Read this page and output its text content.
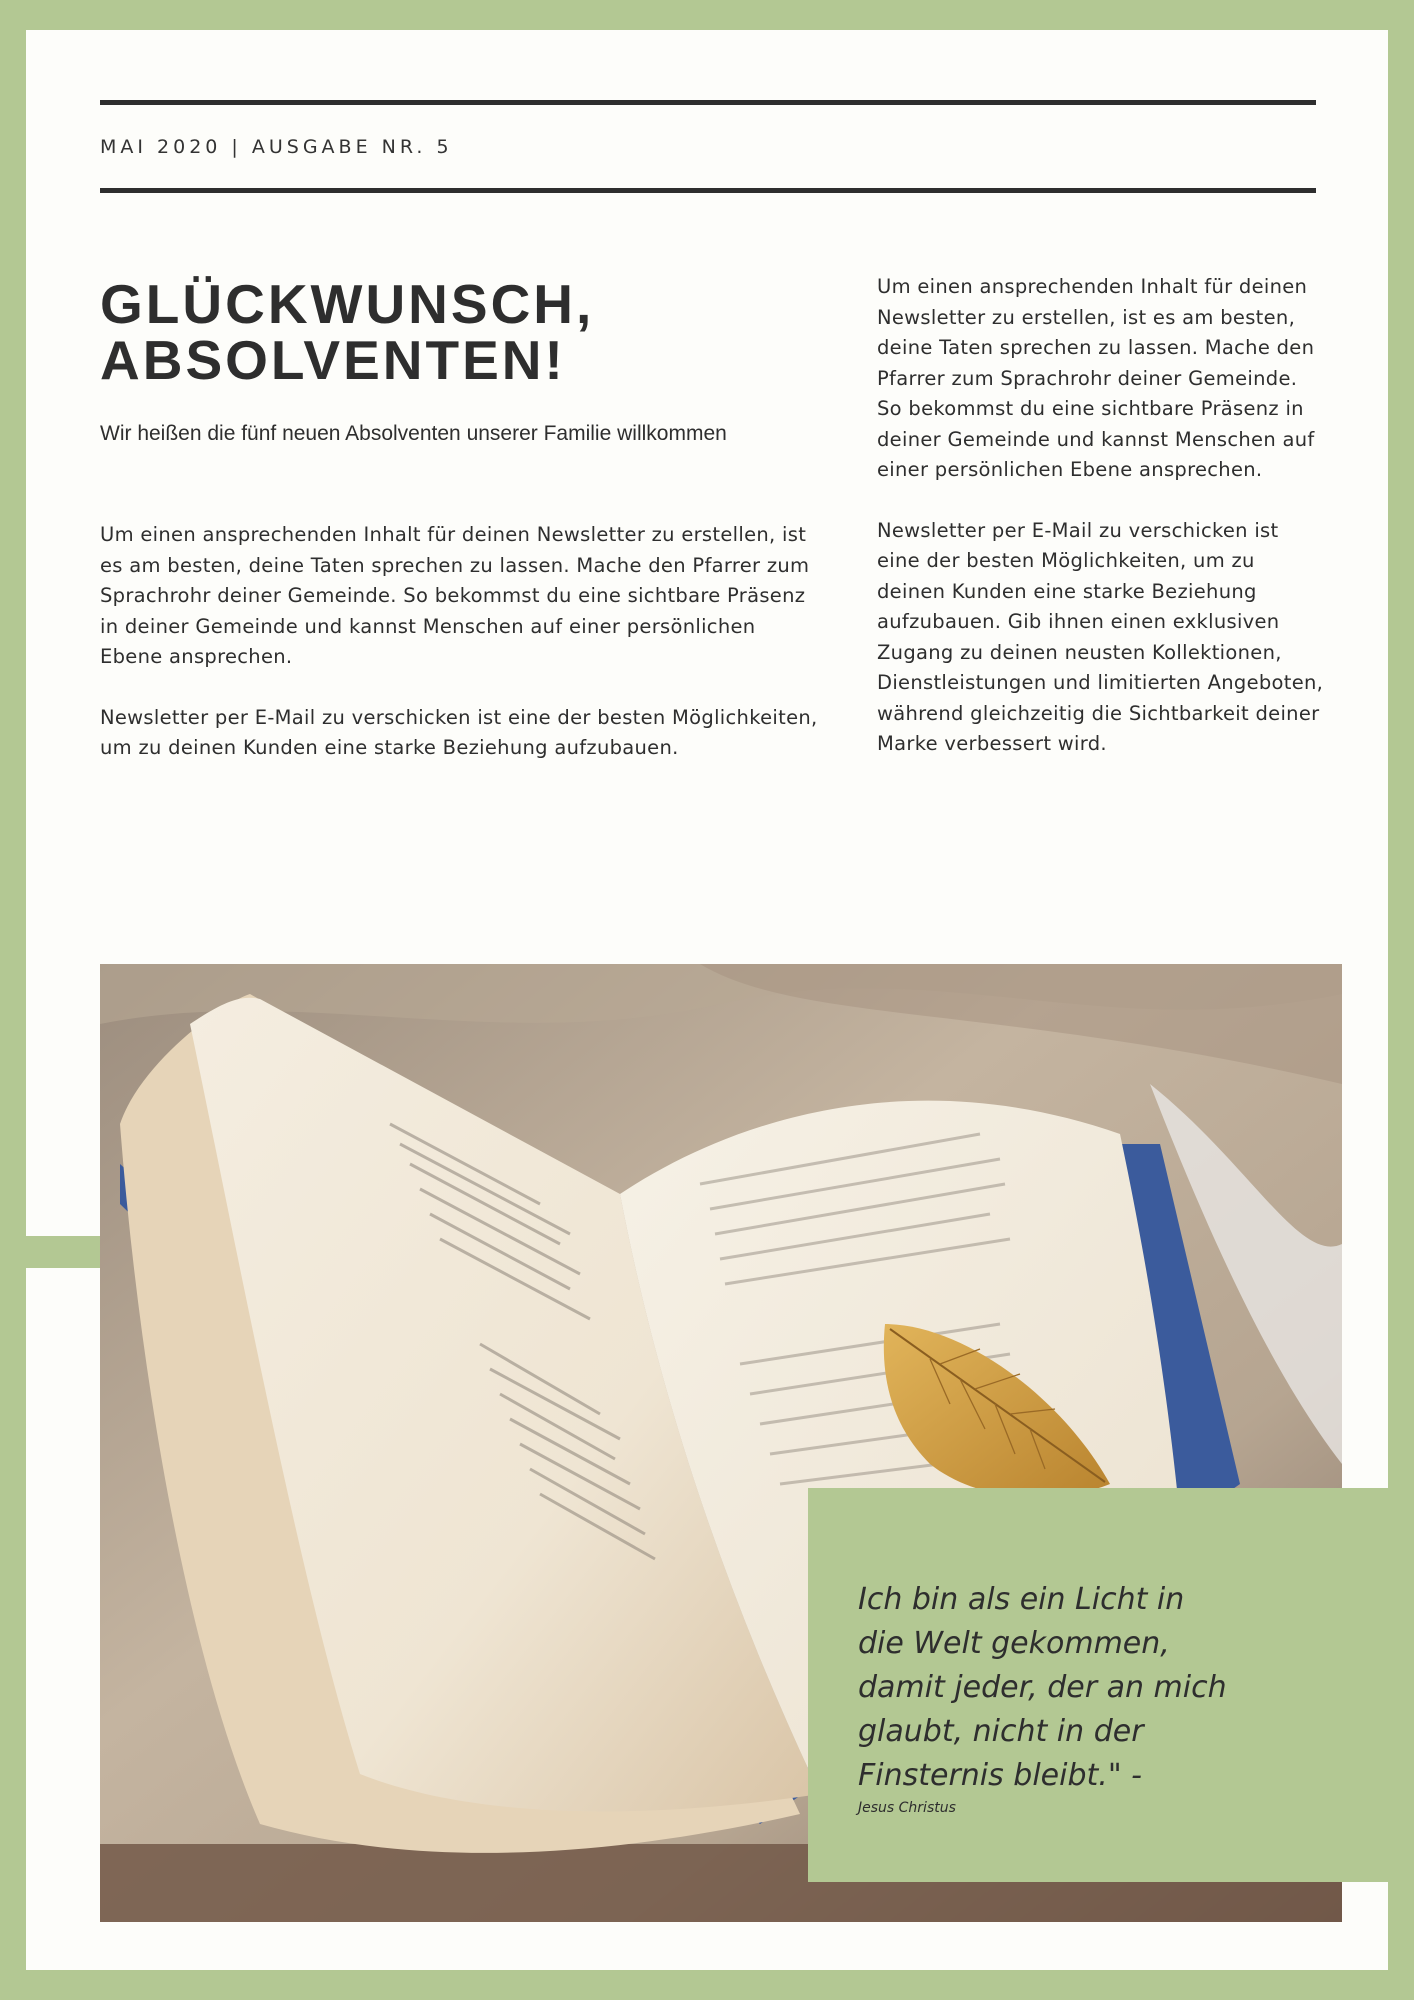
MAI 2020 | AUSGABE NR. 5
GLÜCKWUNSCH,
ABSOLVENTEN!
Wir heißen die fünf neuen Absolventen unserer Familie willkommen

Um einen ansprechenden Inhalt für deinen Newsletter zu erstellen, ist es am besten, deine Taten sprechen zu lassen. Mache den Pfarrer zum Sprachrohr deiner Gemeinde. So bekommst du eine sichtbare Präsenz in deiner Gemeinde und kannst Menschen auf einer persönlichen Ebene ansprechen.

Newsletter per E-Mail zu verschicken ist eine der besten Möglichkeiten, um zu deinen Kunden eine starke Beziehung aufzubauen.

Um einen ansprechenden Inhalt für deinen Newsletter zu erstellen, ist es am besten, deine Taten sprechen zu lassen. Mache den Pfarrer zum Sprachrohr deiner Gemeinde. So bekommst du eine sichtbare Präsenz in deiner Gemeinde und kannst Menschen auf einer persönlichen Ebene ansprechen.

Newsletter per E-Mail zu verschicken ist eine der besten Möglichkeiten, um zu deinen Kunden eine starke Beziehung aufzubauen. Gib ihnen einen exklusiven Zugang zu deinen neusten Kollektionen, Dienstleistungen und limitierten Angeboten, während gleichzeitig die Sichtbarkeit deiner Marke verbessert wird.

Ich bin als ein Licht in die Welt gekommen, damit jeder, der an mich glaubt, nicht in der Finsternis bleibt." -
Jesus Christus
